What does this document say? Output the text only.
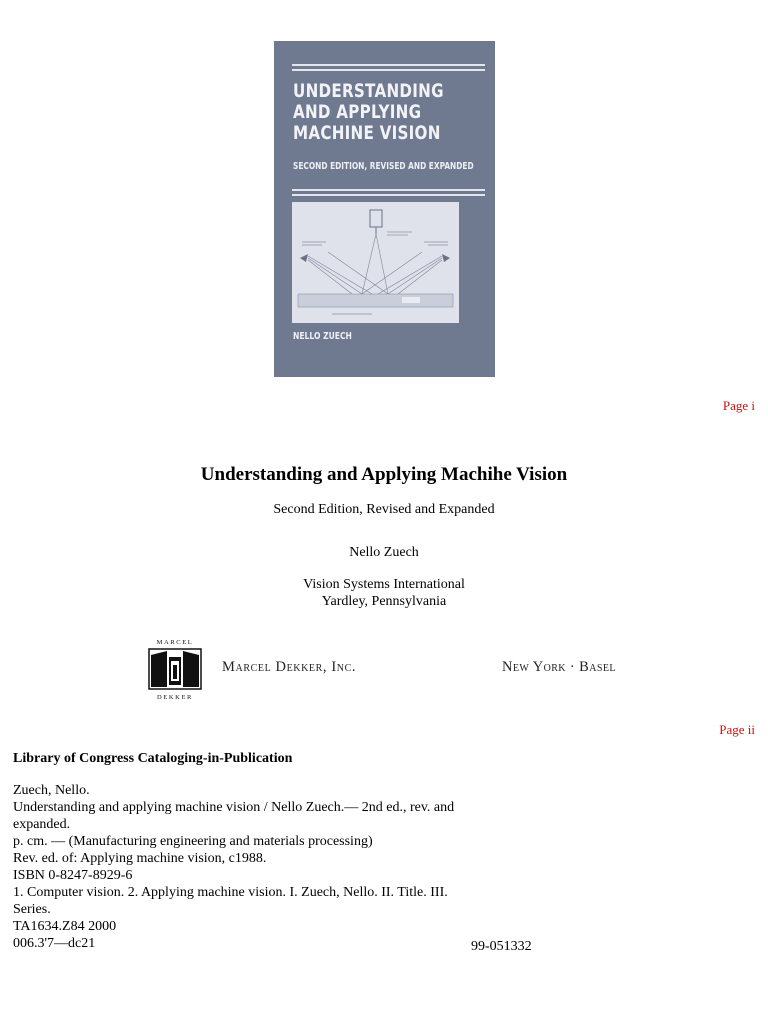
UNDERSTANDING
AND APPLYING
MACHINE VISION
SECOND EDITION, REVISED AND EXPANDED
NELLO ZUECH
Page i
Understanding and Applying Machihe Vision
Second Edition, Revised and Expanded
Nello Zuech
Vision Systems International
Yardley, Pennsylvania
MARCEL
DEKKER
Marcel Dekker, Inc.	New York · Basel
Page ii
Library of Congress Cataloging-in-Publication
Zuech, Nello.
Understanding and applying machine vision / Nello Zuech.— 2nd ed., rev. and
expanded.
p. cm. — (Manufacturing engineering and materials processing)
Rev. ed. of: Applying machine vision, c1988.
ISBN 0-8247-8929-6
1. Computer vision. 2. Applying machine vision. I. Zuech, Nello. II. Title. III.
Series.
TA1634.Z84 2000
006.3'7—dc21	99-051332
